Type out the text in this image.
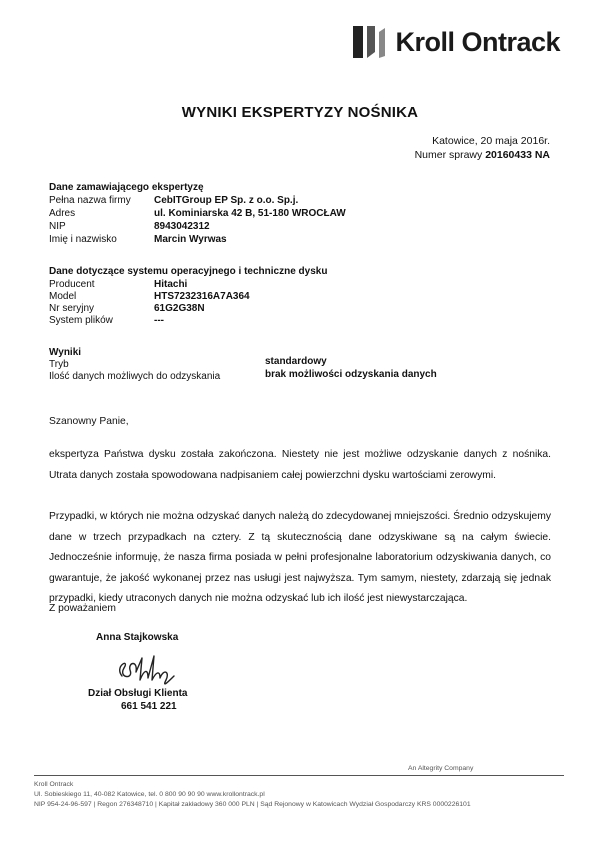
Kroll Ontrack
WYNIKI EKSPERTYZY NOŚNIKA
Katowice, 20 maja 2016r.
Numer sprawy 20160433 NA
Dane zamawiającego ekspertyzę
Pełna nazwa firmy	CebITGroup EP Sp. z o.o. Sp.j.
Adres	ul. Kominiarska 42 B, 51-180 WROCŁAW
NIP	8943042312
Imię i nazwisko	Marcin Wyrwas
Dane dotyczące systemu operacyjnego i techniczne dysku
Producent	Hitachi
Model	HTS7232316A7A364
Nr seryjny	61G2G38N
System plików	---
Wyniki
Tryb	standardowy
Ilość danych możliwych do odzyskania	brak możliwości odzyskania danych
Szanowny Panie,
ekspertyza Państwa dysku została zakończona. Niestety nie jest możliwe odzyskanie danych z nośnika. Utrata danych została spowodowana nadpisaniem całej powierzchni dysku wartościami zerowymi.
Przypadki, w których nie można odzyskać danych należą do zdecydowanej mniejszości. Średnio odzyskujemy dane w trzech przypadkach na cztery. Z tą skutecznością dane odzyskiwane są na całym świecie. Jednocześnie informuję, że nasza firma posiada w pełni profesjonalne laboratorium odzyskiwania danych, co gwarantuje, że jakość wykonanej przez nas usługi jest najwyższa. Tym samym, niestety, zdarzają się jednak przypadki, kiedy utraconych danych nie można odzyskać lub ich ilość jest niewystarczająca.
Z poważaniem
Anna Stajkowska
Dział Obsługi Klienta
661 541 221
An Altegrity Company
Kroll Ontrack
Ul. Sobieskiego 11, 40-082 Katowice, tel. 0 800 90 90 90 www.krollontrack.pl
NIP 954-24-96-597 | Regon 276348710 | Kapitał zakładowy 360 000 PLN | Sąd Rejonowy w Katowicach Wydział Gospodarczy KRS 0000226101
